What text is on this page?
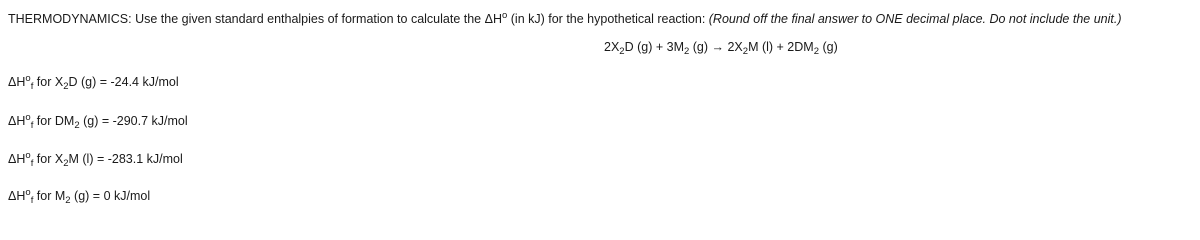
THERMODYNAMICS: Use the given standard enthalpies of formation to calculate the $\Delta H^o$ (in kJ) for the hypothetical reaction: (Round off the final answer to ONE decimal place. Do not include the unit.)
$2X_2D$ $(g) + 3M_2$ $(g) \to 2X_2M$ $(l) + 2DM_2$ (g)
$\Delta H^o_f$ for $X_2D$ (g) = -24.4 kJ/mol
$\Delta H^o_f$ for $DM_2$ (g) = -290.7 kJ/mol
$\Delta H^o_f$ for $X_2M$ (l) = -283.1 kJ/mol
$\Delta H^o_f$ for $M_2$ (g) = 0 kJ/mol
